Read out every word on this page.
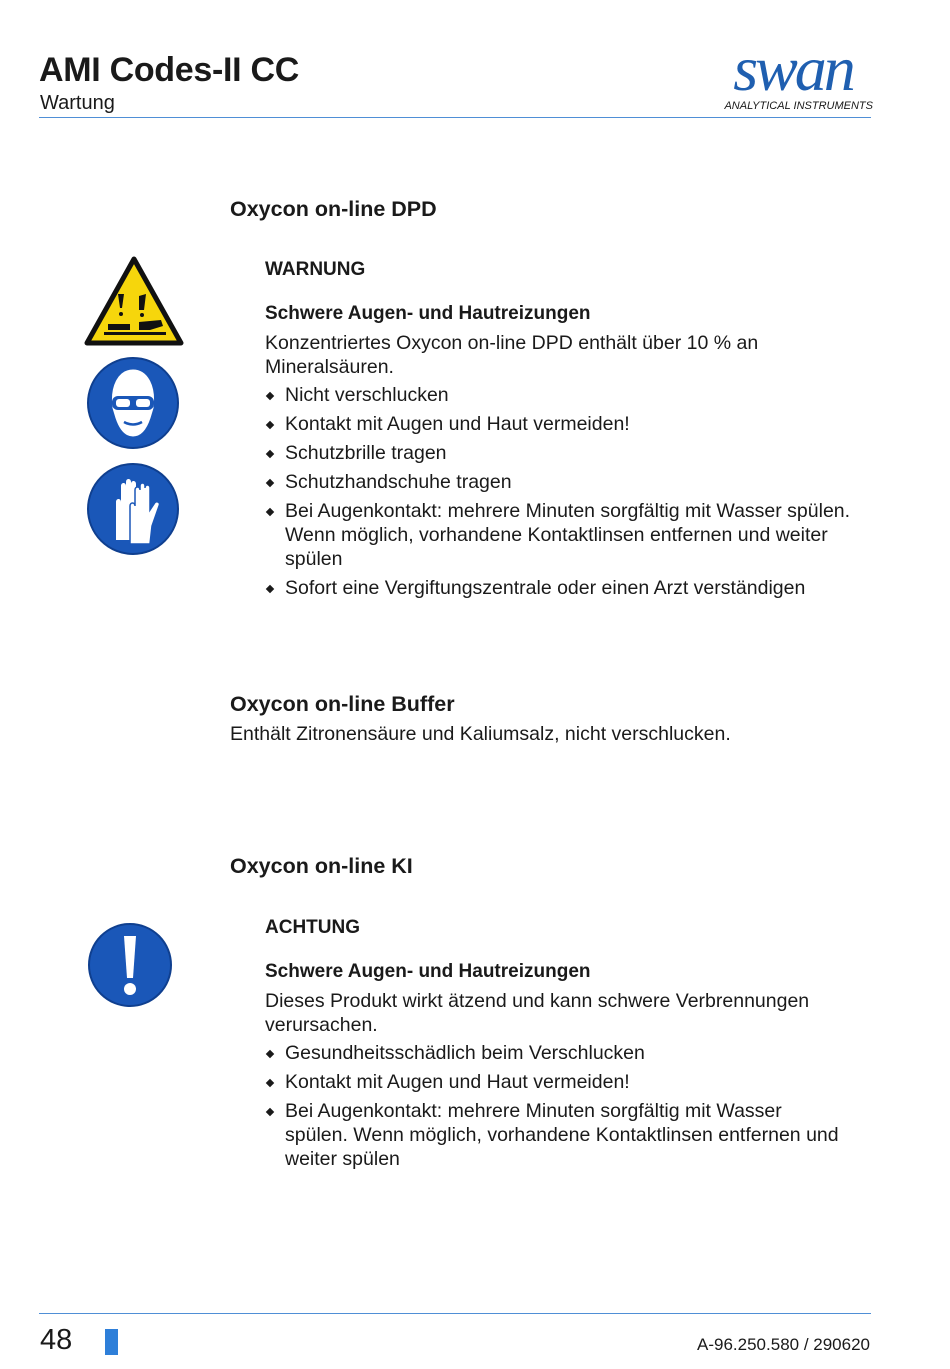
AMI Codes-II CC
Wartung	swan
ANALYTICAL INSTRUMENTS
Oxycon on-line DPD
WARNUNG
Schwere Augen- und Hautreizungen
Konzentriertes Oxycon on-line DPD enthält über 10 % an Mineralsäuren.
Nicht verschlucken
Kontakt mit Augen und Haut vermeiden!
Schutzbrille tragen
Schutzhandschuhe tragen
Bei Augenkontakt: mehrere Minuten sorgfältig mit Wasser spülen. Wenn möglich, vorhandene Kontaktlinsen entfernen und weiter spülen
Sofort eine Vergiftungszentrale oder einen Arzt verständigen
Oxycon on-line Buffer
Enthält Zitronensäure und Kaliumsalz, nicht verschlucken.
Oxycon on-line KI
ACHTUNG
Schwere Augen- und Hautreizungen
Dieses Produkt wirkt ätzend und kann schwere Verbrennungen verursachen.
Gesundheitsschädlich beim Verschlucken
Kontakt mit Augen und Haut vermeiden!
Bei Augenkontakt: mehrere Minuten sorgfältig mit Wasser spülen. Wenn möglich, vorhandene Kontaktlinsen entfernen und weiter spülen
48	A-96.250.580 / 290620
